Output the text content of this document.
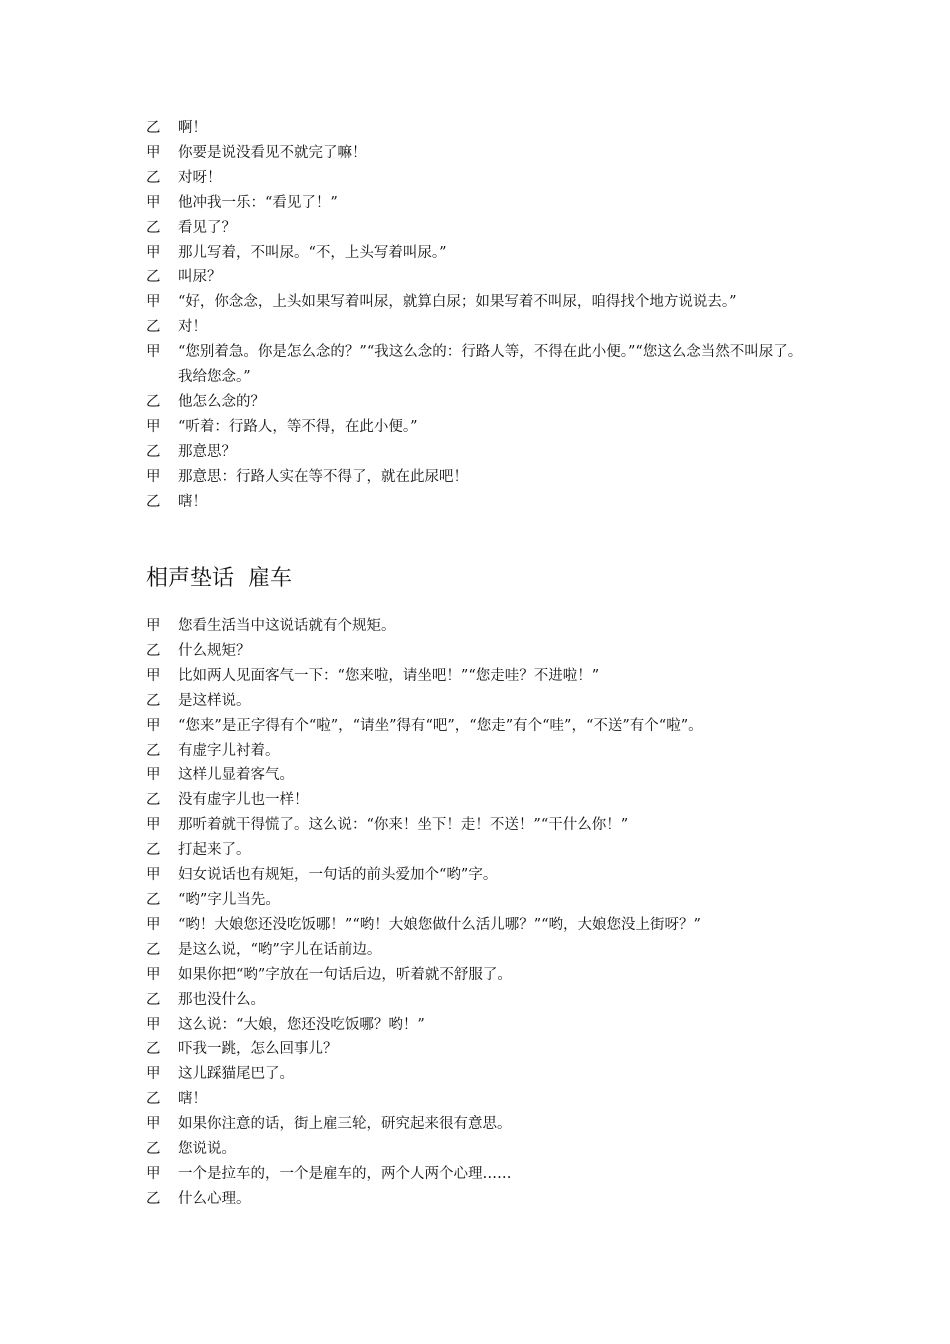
乙	啊！
甲	你要是说没看见不就完了嘛！
乙	对呀！
甲	他冲我一乐：“看见了！”
乙	看见了？
甲	那儿写着，不叫尿。“不，上头写着叫尿。”
乙	叫尿？
甲	“好，你念念，上头如果写着叫尿，就算白尿；如果写着不叫尿，咱得找个地方说说去。”
乙	对！
甲	“您别着急。你是怎么念的？”“我这么念的：行路人等，不得在此小便。”“您这么念当然不叫尿了。我给您念。”
乙	他怎么念的？
甲	“听着：行路人，等不得，在此小便。”
乙	那意思？
甲	那意思：行路人实在等不得了，就在此尿吧！
乙	嗐！
相声垫话  雇车
甲	您看生活当中这说话就有个规矩。
乙	什么规矩？
甲	比如两人见面客气一下：“您来啦，请坐吧！”“您走哇？不进啦！”
乙	是这样说。
甲	“您来”是正字得有个“啦”，“请坐”得有“吧”，“您走”有个“哇”，“不送”有个“啦”。
乙	有虚字儿衬着。
甲	这样儿显着客气。
乙	没有虚字儿也一样！
甲	那听着就干得慌了。这么说：“你来！坐下！走！不送！”“干什么你！”
乙	打起来了。
甲	妇女说话也有规矩，一句话的前头爱加个“哟”字。
乙	“哟”字儿当先。
甲	“哟！大娘您还没吃饭哪！”“哟！大娘您做什么活儿哪？”“哟，大娘您没上街呀？”
乙	是这么说，“哟”字儿在话前边。
甲	如果你把“哟”字放在一句话后边，听着就不舒服了。
乙	那也没什么。
甲	这么说：“大娘，您还没吃饭哪？哟！”
乙	吓我一跳，怎么回事儿？
甲	这儿踩猫尾巴了。
乙	嗐！
甲	如果你注意的话，街上雇三轮，研究起来很有意思。
乙	您说说。
甲	一个是拉车的，一个是雇车的，两个人两个心理……
乙	什么心理。
